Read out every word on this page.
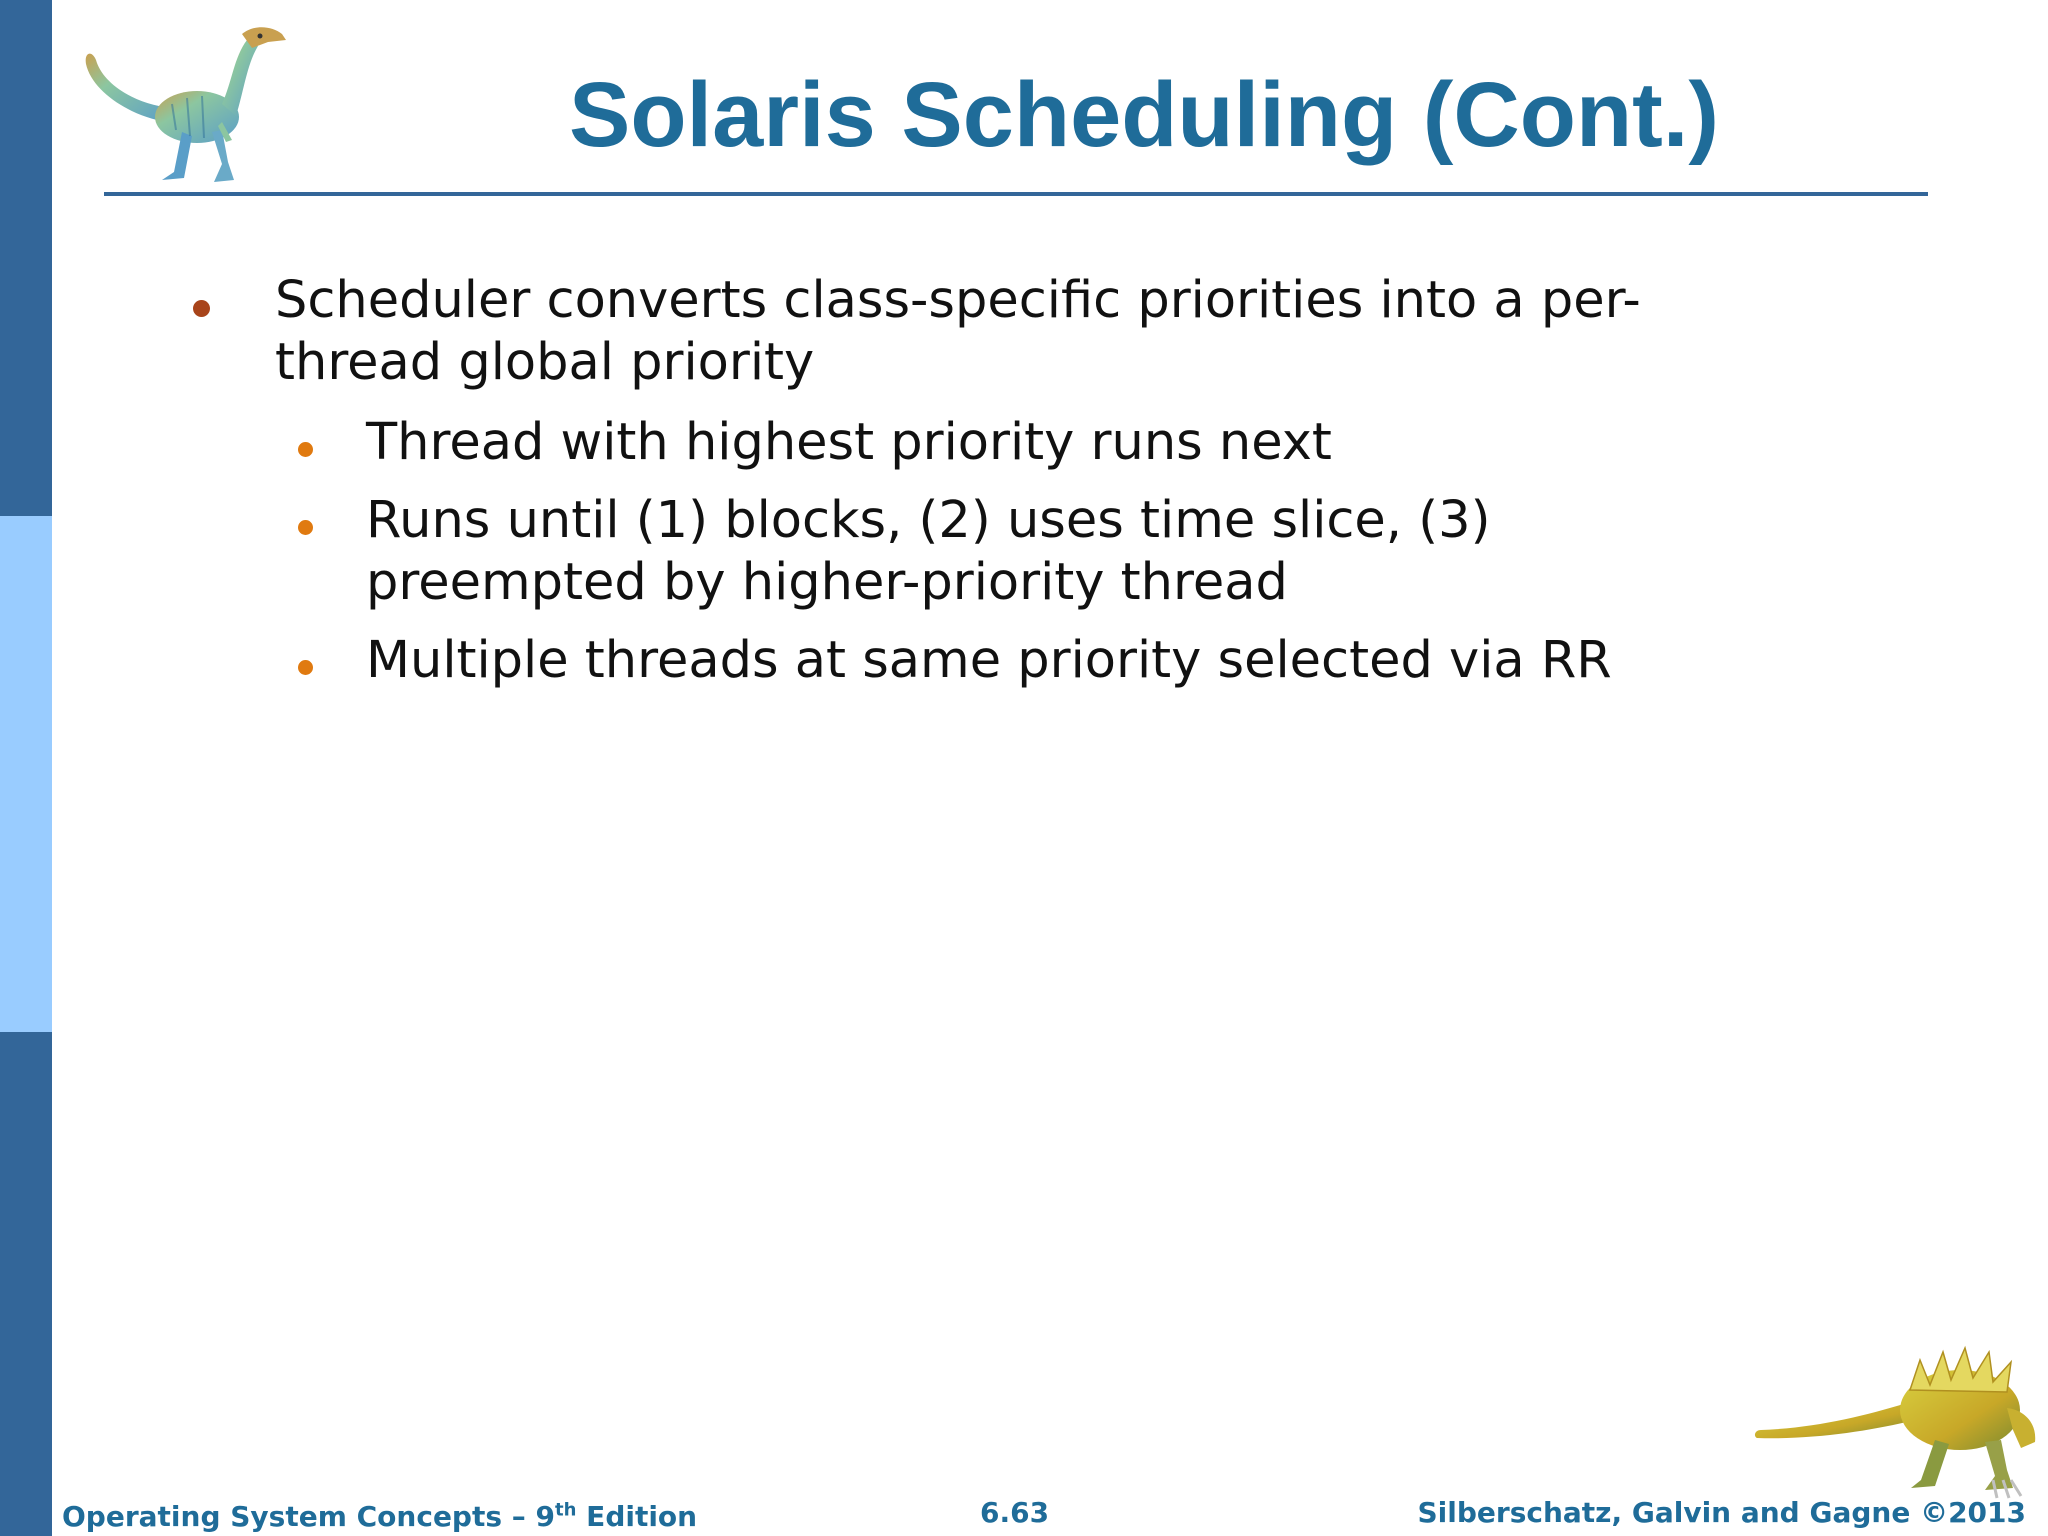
Solaris Scheduling (Cont.)
Scheduler converts class-specific priorities into a per-thread global priority
Thread with highest priority runs next
Runs until (1) blocks, (2) uses time slice, (3) preempted by higher-priority thread
Multiple threads at same priority selected via RR
Operating System Concepts – 9th Edition	6.63	Silberschatz, Galvin and Gagne ©2013
